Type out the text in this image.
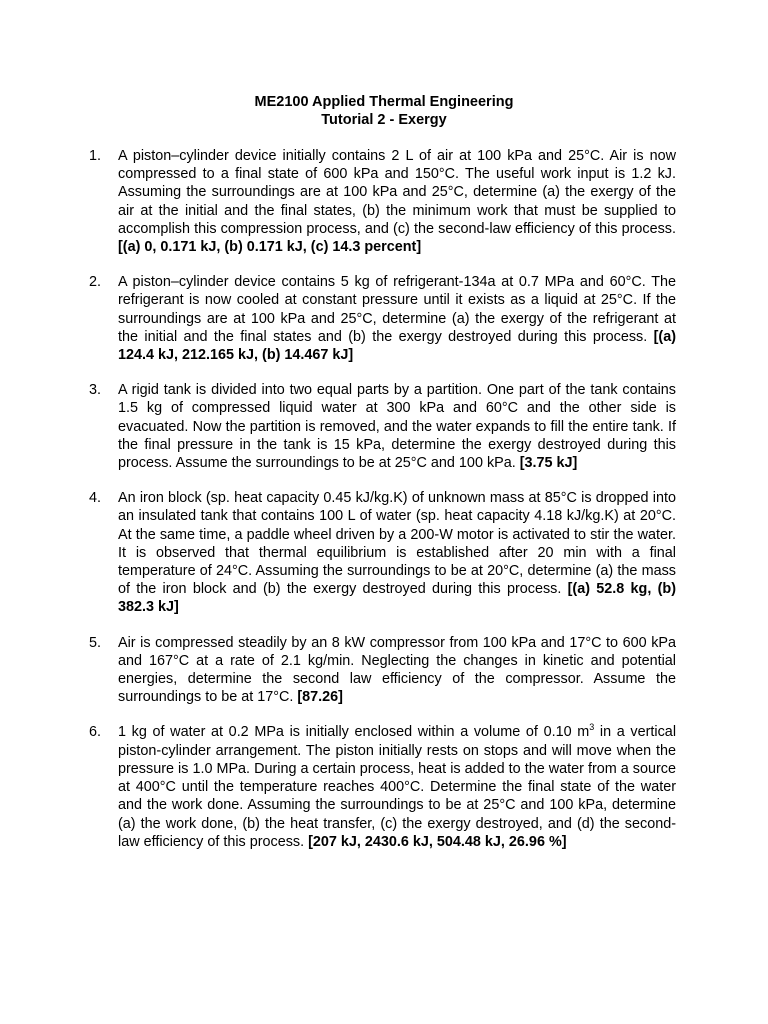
ME2100 Applied Thermal Engineering
Tutorial 2 - Exergy
1. A piston–cylinder device initially contains 2 L of air at 100 kPa and 25°C. Air is now compressed to a final state of 600 kPa and 150°C. The useful work input is 1.2 kJ. Assuming the surroundings are at 100 kPa and 25°C, determine (a) the exergy of the air at the initial and the final states, (b) the minimum work that must be supplied to accomplish this compression process, and (c) the second-law efficiency of this process. [(a) 0, 0.171 kJ, (b) 0.171 kJ, (c) 14.3 percent]
2. A piston–cylinder device contains 5 kg of refrigerant-134a at 0.7 MPa and 60°C. The refrigerant is now cooled at constant pressure until it exists as a liquid at 25°C. If the surroundings are at 100 kPa and 25°C, determine (a) the exergy of the refrigerant at the initial and the final states and (b) the exergy destroyed during this process. [(a) 124.4 kJ, 212.165 kJ, (b) 14.467 kJ]
3. A rigid tank is divided into two equal parts by a partition. One part of the tank contains 1.5 kg of compressed liquid water at 300 kPa and 60°C and the other side is evacuated. Now the partition is removed, and the water expands to fill the entire tank. If the final pressure in the tank is 15 kPa, determine the exergy destroyed during this process. Assume the surroundings to be at 25°C and 100 kPa. [3.75 kJ]
4. An iron block (sp. heat capacity 0.45 kJ/kg.K) of unknown mass at 85°C is dropped into an insulated tank that contains 100 L of water (sp. heat capacity 4.18 kJ/kg.K) at 20°C. At the same time, a paddle wheel driven by a 200-W motor is activated to stir the water. It is observed that thermal equilibrium is established after 20 min with a final temperature of 24°C. Assuming the surroundings to be at 20°C, determine (a) the mass of the iron block and (b) the exergy destroyed during this process. [(a) 52.8 kg, (b) 382.3 kJ]
5. Air is compressed steadily by an 8 kW compressor from 100 kPa and 17°C to 600 kPa and 167°C at a rate of 2.1 kg/min. Neglecting the changes in kinetic and potential energies, determine the second law efficiency of the compressor. Assume the surroundings to be at 17°C. [87.26]
6. 1 kg of water at 0.2 MPa is initially enclosed within a volume of 0.10 $m^3$ in a vertical piston-cylinder arrangement. The piston initially rests on stops and will move when the pressure is 1.0 MPa. During a certain process, heat is added to the water from a source at 400°C until the temperature reaches 400°C. Determine the final state of the water and the work done. Assuming the surroundings to be at 25°C and 100 kPa, determine (a) the work done, (b) the heat transfer, (c) the exergy destroyed, and (d) the second-law efficiency of this process. [207 kJ, 2430.6 kJ, 504.48 kJ, 26.96 %]
